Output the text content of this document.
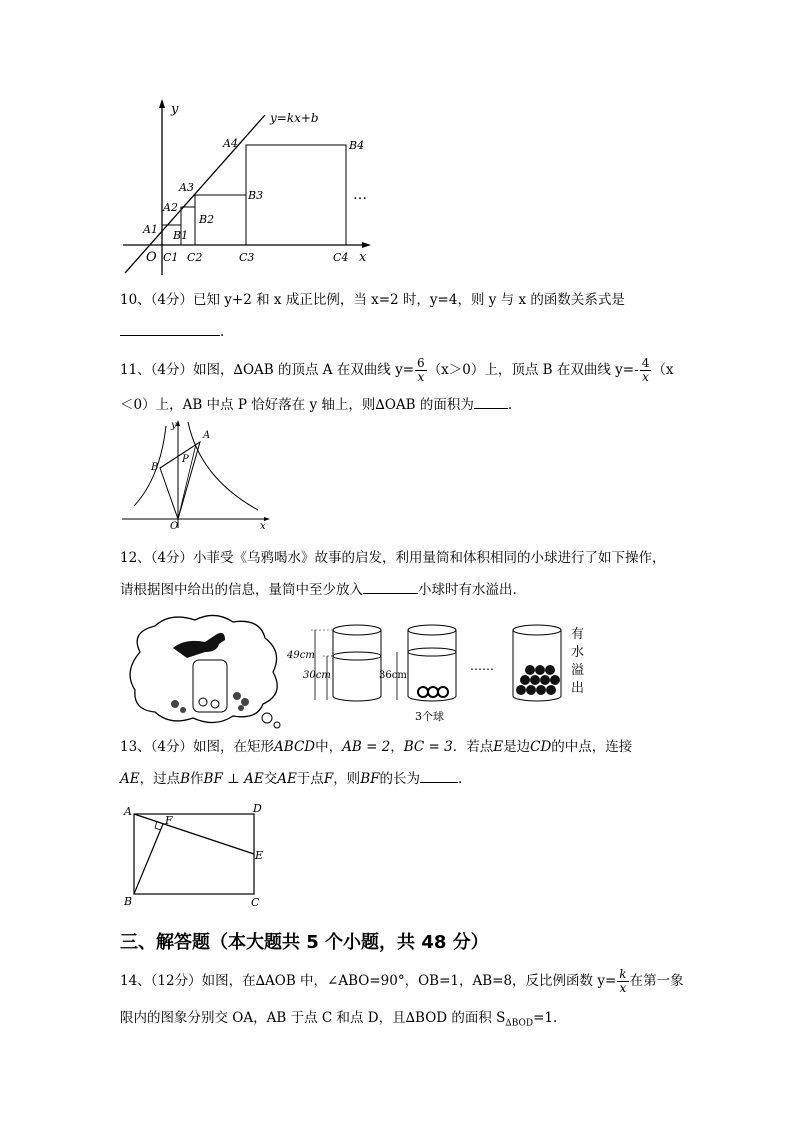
y
x
y=kx+b
O
A1
A2
A3
A4
B1
B2
B3
B4
C1 C2	C3	C4
…
10、（4分）已知 y+2 和 x 成正比例，当 x=2 时，y=4，则 y 与 x 的函数关系式是
.
11、（4分）如图，∆OAB 的顶点 A 在双曲线 $y= \frac{6}{x} (x>0)$上，顶点 B 在双曲线 $y=- \frac{4}{x} (x$
＜0）上，AB 中点 P 恰好落在 y 轴上，则∆OAB 的面积为	.
y
x
A
B
P
O
12、（4分）小菲受《乌鸦喝水》故事的启发，利用量筒和体积相同的小球进行了如下操作，
请根据图中给出的信息，量筒中至少放入	小球时有水溢出.
49cm
30cm	36cm
3个球
……
有
水
溢
出
13、（4分）如图，在矩形ABCD中，AB = 2，BC = 3．若点E是边CD的中点，连接
AE，过点B作BF ⊥ AE交AE于点F，则BF的长为	.
A
B	C
D
E
F
三、解答题（本大题共 5 个小题，共 48 分）
14、（12分）如图，在∆AOB 中，∠ABO=90°，OB=1，AB=8，反比例函数 $y= \frac{k}{x}$ 在第一象
限内的图象分别交 OA，AB 于点 C 和点 D，且∆BOD 的面积 $S_{\Delta BOD}=1$.
